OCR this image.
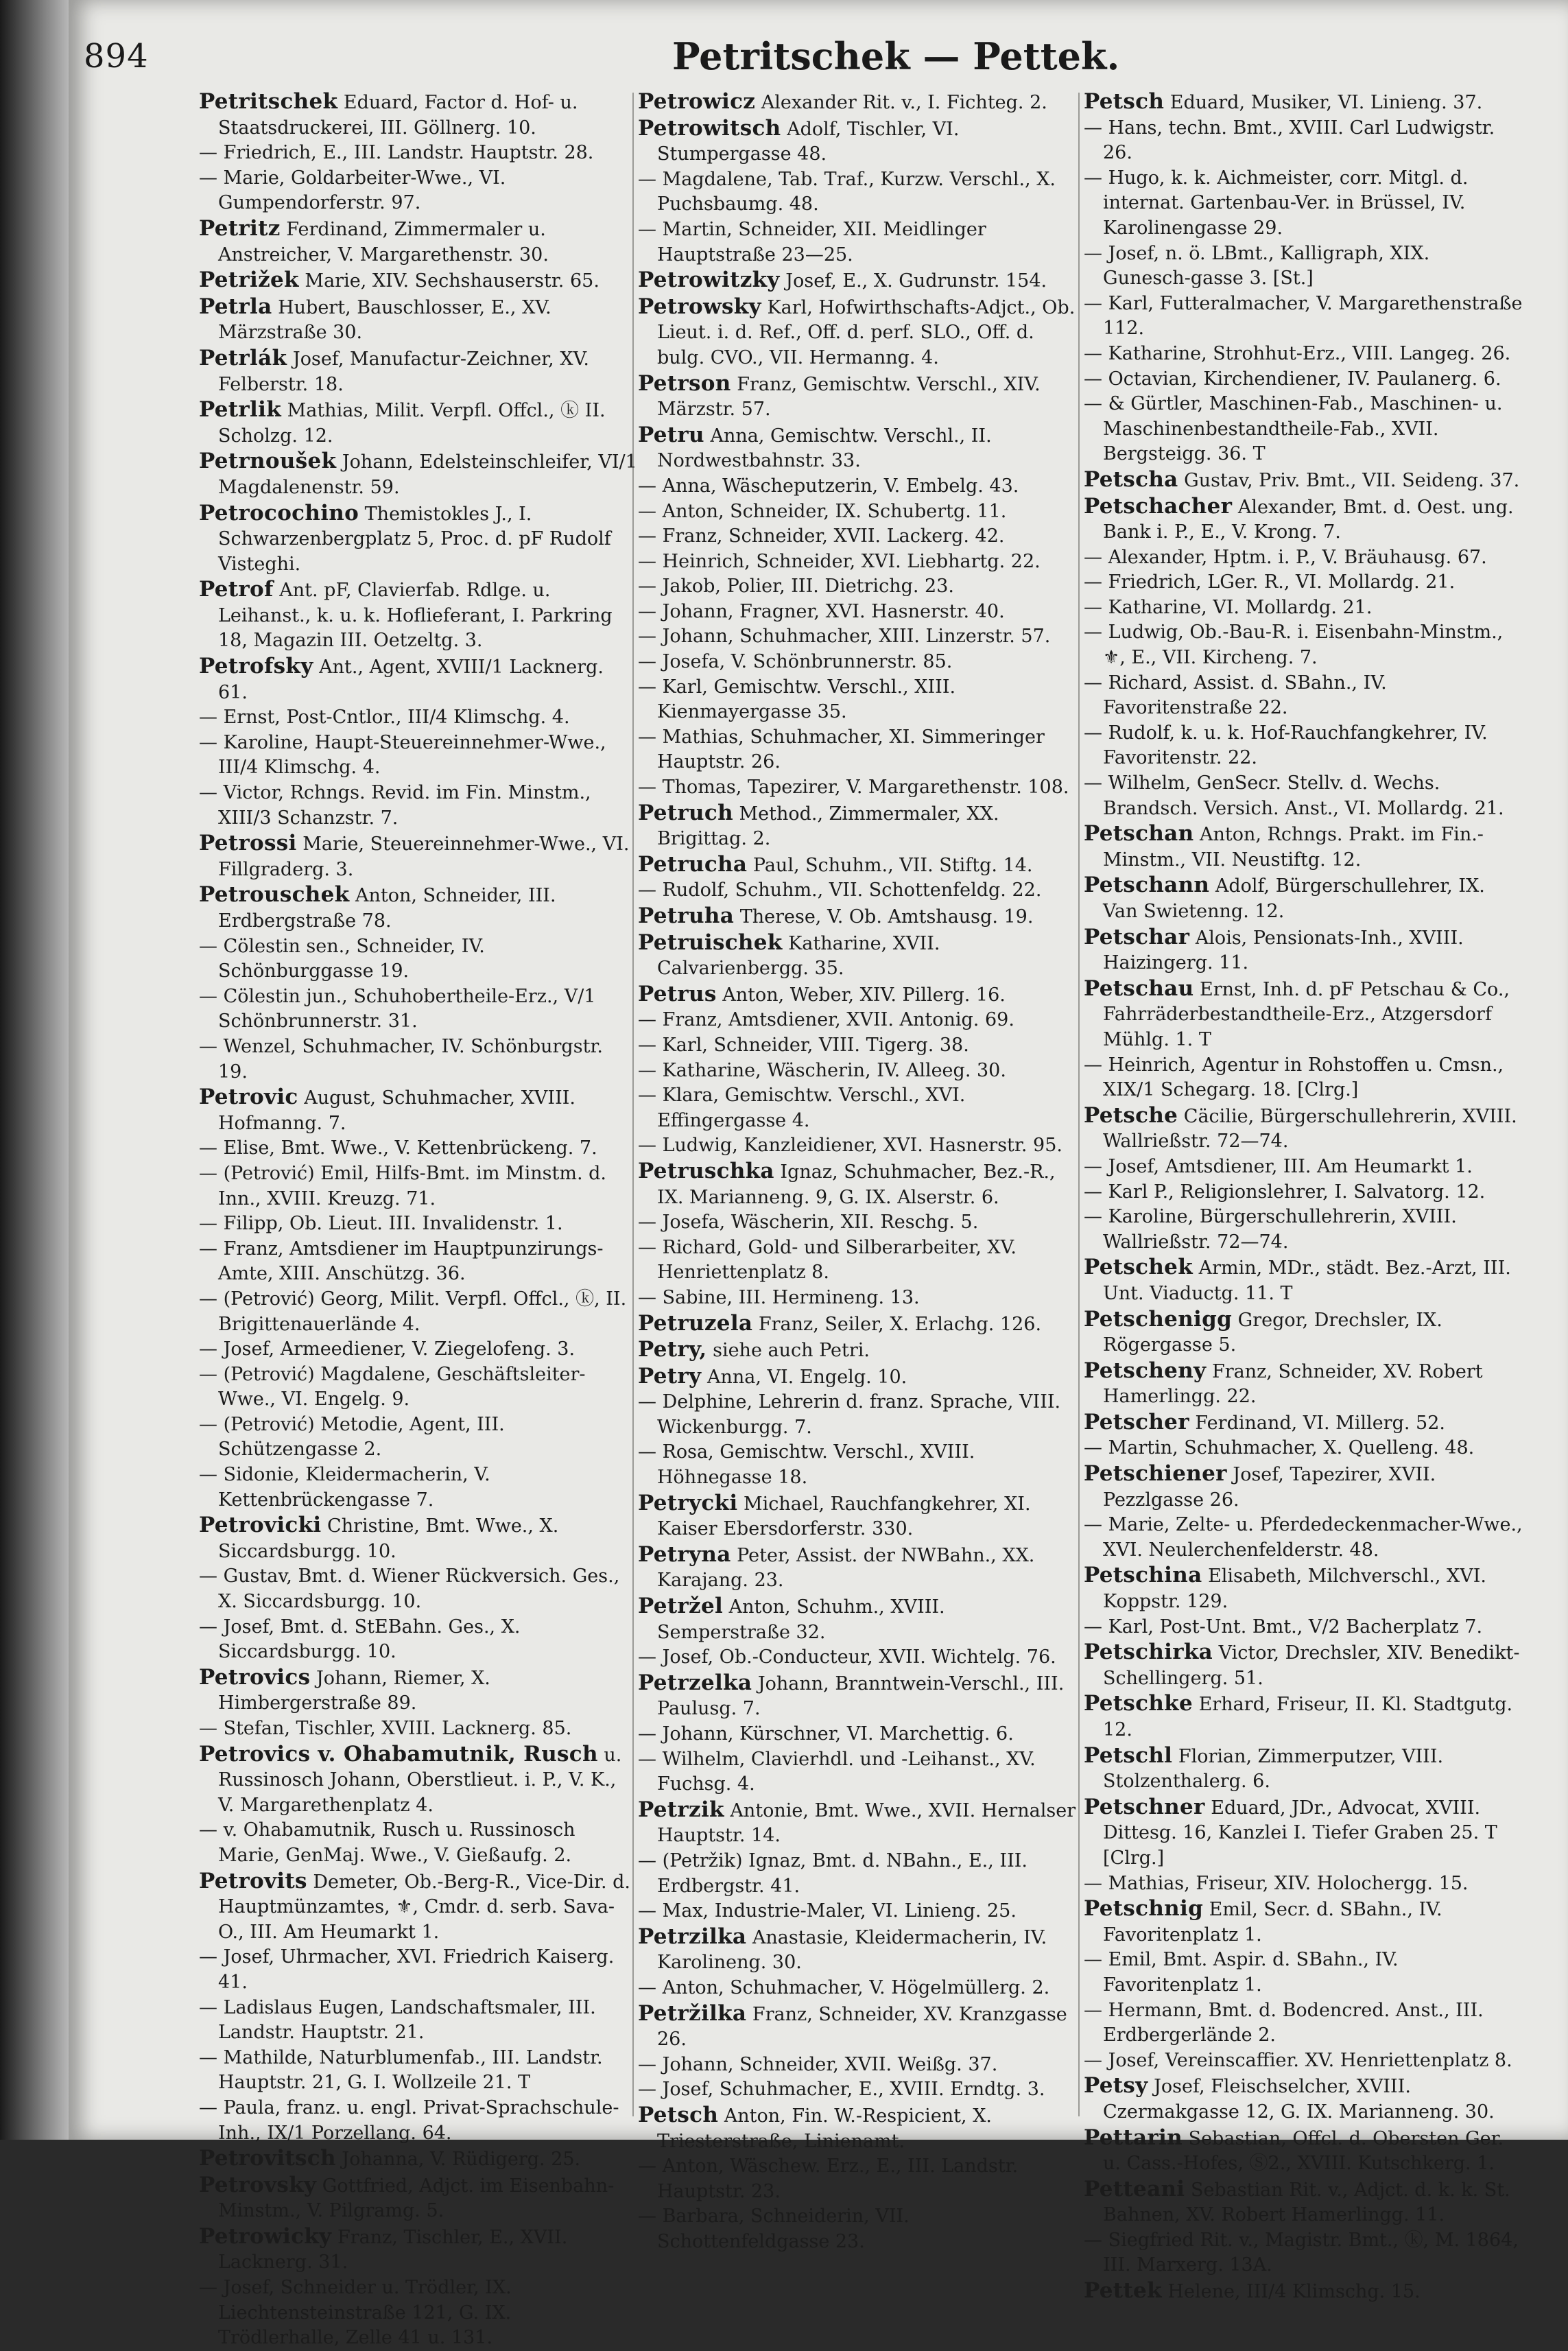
894	Petritschek — Pettek.

Petritschek Eduard, Factor d. Hof- u. Staatsdruckerei, III. Göllnerg. 10.

— Friedrich, E., III. Landstr. Hauptstr. 28.

— Marie, Goldarbeiter-Wwe., VI. Gumpendorferstr. 97.

Petritz Ferdinand, Zimmermaler u. Anstreicher, V. Margarethenstr. 30.

Petrižek Marie, XIV. Sechshauserstr. 65.

Petrla Hubert, Bauschlosser, E., XV. Märzstraße 30.

Petrlák Josef, Manufactur-Zeichner, XV. Felberstr. 18.

Petrlik Mathias, Milit. Verpfl. Offcl., ⓚ II. Scholzg. 12.

Petrnoušek Johann, Edelsteinschleifer, VI/1 Magdalenenstr. 59.

Petrocochino Themistokles J., I. Schwarzenbergplatz 5, Proc. d. pF Rudolf Visteghi.

Petrof Ant. pF, Clavierfab. Rdlge. u. Leihanst., k. u. k. Hoflieferant, I. Parkring 18, Magazin III. Oetzeltg. 3.

Petrofsky Ant., Agent, XVIII/1 Lacknerg. 61.

— Ernst, Post-Cntlor., III/4 Klimschg. 4.

— Karoline, Haupt-Steuereinnehmer-Wwe., III/4 Klimschg. 4.

— Victor, Rchngs. Revid. im Fin. Minstm., XIII/3 Schanzstr. 7.

Petrossi Marie, Steuereinnehmer-Wwe., VI. Fillgraderg. 3.

Petrouschek Anton, Schneider, III. Erdbergstraße 78.

— Cölestin sen., Schneider, IV. Schönburggasse 19.

— Cölestin jun., Schuhobertheile-Erz., V/1 Schönbrunnerstr. 31.

— Wenzel, Schuhmacher, IV. Schönburgstr. 19.

Petrovic August, Schuhmacher, XVIII. Hofmanng. 7.

— Elise, Bmt. Wwe., V. Kettenbrückeng. 7.

— (Petrović) Emil, Hilfs-Bmt. im Minstm. d. Inn., XVIII. Kreuzg. 71.

— Filipp, Ob. Lieut. III. Invalidenstr. 1.

— Franz, Amtsdiener im Hauptpunzirungs-Amte, XIII. Anschützg. 36.

— (Petrović) Georg, Milit. Verpfl. Offcl., ⓚ, II. Brigittenauerlände 4.

— Josef, Armeediener, V. Ziegelofeng. 3.

— (Petrović) Magdalene, Geschäftsleiter-Wwe., VI. Engelg. 9.

— (Petrović) Metodie, Agent, III. Schützengasse 2.

— Sidonie, Kleidermacherin, V. Kettenbrückengasse 7.

Petrovicki Christine, Bmt. Wwe., X. Siccardsburgg. 10.

— Gustav, Bmt. d. Wiener Rückversich. Ges., X. Siccardsburgg. 10.

— Josef, Bmt. d. StEBahn. Ges., X. Siccardsburgg. 10.

Petrovics Johann, Riemer, X. Himbergerstraße 89.

— Stefan, Tischler, XVIII. Lacknerg. 85.

Petrovics v. Ohabamutnik, Rusch u. Russinosch Johann, Oberstlieut. i. P., V. K., V. Margarethenplatz 4.

— v. Ohabamutnik, Rusch u. Russinosch Marie, GenMaj. Wwe., V. Gießaufg. 2.

Petrovits Demeter, Ob.-Berg-R., Vice-Dir. d. Hauptmünzamtes, ⚜, Cmdr. d. serb. Sava-O., III. Am Heumarkt 1.

— Josef, Uhrmacher, XVI. Friedrich Kaiserg. 41.

— Ladislaus Eugen, Landschaftsmaler, III. Landstr. Hauptstr. 21.

— Mathilde, Naturblumenfab., III. Landstr. Hauptstr. 21, G. I. Wollzeile 21. T

— Paula, franz. u. engl. Privat-Sprachschule-Inh., IX/1 Porzellang. 64.

Petrovitsch Johanna, V. Rüdigerg. 25.

Petrovsky Gottfried, Adjct. im Eisenbahn-Minstm., V. Pilgramg. 5.

Petrowicky Franz, Tischler, E., XVII. Lacknerg. 31.

— Josef, Schneider u. Trödler, IX. Liechtensteinstraße 121, G. IX. Trödlerhalle, Zelle 41 u. 131.

Petrowicz Alexander Rit. v., I. Fichteg. 2.

Petrowitsch Adolf, Tischler, VI. Stumpergasse 48.

— Magdalene, Tab. Traf., Kurzw. Verschl., X. Puchsbaumg. 48.

— Martin, Schneider, XII. Meidlinger Hauptstraße 23—25.

Petrowitzky Josef, E., X. Gudrunstr. 154.

Petrowsky Karl, Hofwirthschafts-Adjct., Ob. Lieut. i. d. Ref., Off. d. perf. SLO., Off. d. bulg. CVO., VII. Hermanng. 4.

Petrson Franz, Gemischtw. Verschl., XIV. Märzstr. 57.

Petru Anna, Gemischtw. Verschl., II. Nordwestbahnstr. 33.

— Anna, Wäscheputzerin, V. Embelg. 43.

— Anton, Schneider, IX. Schubertg. 11.

— Franz, Schneider, XVII. Lackerg. 42.

— Heinrich, Schneider, XVI. Liebhartg. 22.

— Jakob, Polier, III. Dietrichg. 23.

— Johann, Fragner, XVI. Hasnerstr. 40.

— Johann, Schuhmacher, XIII. Linzerstr. 57.

— Josefa, V. Schönbrunnerstr. 85.

— Karl, Gemischtw. Verschl., XIII. Kienmayergasse 35.

— Mathias, Schuhmacher, XI. Simmeringer Hauptstr. 26.

— Thomas, Tapezirer, V. Margarethenstr. 108.

Petruch Method., Zimmermaler, XX. Brigittag. 2.

Petrucha Paul, Schuhm., VII. Stiftg. 14.

— Rudolf, Schuhm., VII. Schottenfeldg. 22.

Petruha Therese, V. Ob. Amtshausg. 19.

Petruischek Katharine, XVII. Calvarienbergg. 35.

Petrus Anton, Weber, XIV. Pillerg. 16.

— Franz, Amtsdiener, XVII. Antonig. 69.

— Karl, Schneider, VIII. Tigerg. 38.

— Katharine, Wäscherin, IV. Alleeg. 30.

— Klara, Gemischtw. Verschl., XVI. Effingergasse 4.

— Ludwig, Kanzleidiener, XVI. Hasnerstr. 95.

Petruschka Ignaz, Schuhmacher, Bez.-R., IX. Marianneng. 9, G. IX. Alserstr. 6.

— Josefa, Wäscherin, XII. Reschg. 5.

— Richard, Gold- und Silberarbeiter, XV. Henriettenplatz 8.

— Sabine, III. Hermineng. 13.

Petruzela Franz, Seiler, X. Erlachg. 126.

Petry, siehe auch Petri.

Petry Anna, VI. Engelg. 10.

— Delphine, Lehrerin d. franz. Sprache, VIII. Wickenburgg. 7.

— Rosa, Gemischtw. Verschl., XVIII. Höhnegasse 18.

Petrycki Michael, Rauchfangkehrer, XI. Kaiser Ebersdorferstr. 330.

Petryna Peter, Assist. der NWBahn., XX. Karajang. 23.

Petržel Anton, Schuhm., XVIII. Semperstraße 32.

— Josef, Ob.-Conducteur, XVII. Wichtelg. 76.

Petrzelka Johann, Branntwein-Verschl., III. Paulusg. 7.

— Johann, Kürschner, VI. Marchettig. 6.

— Wilhelm, Clavierhdl. und -Leihanst., XV. Fuchsg. 4.

Petrzik Antonie, Bmt. Wwe., XVII. Hernalser Hauptstr. 14.

— (Petržik) Ignaz, Bmt. d. NBahn., E., III. Erdbergstr. 41.

— Max, Industrie-Maler, VI. Linieng. 25.

Petrzilka Anastasie, Kleidermacherin, IV. Karolineng. 30.

— Anton, Schuhmacher, V. Högelmüllerg. 2.

Petržilka Franz, Schneider, XV. Kranzgasse 26.

— Johann, Schneider, XVII. Weißg. 37.

— Josef, Schuhmacher, E., XVIII. Erndtg. 3.

Petsch Anton, Fin. W.-Respicient, X. Triesterstraße, Linienamt.

— Anton, Wäschew. Erz., E., III. Landstr. Hauptstr. 23.

— Barbara, Schneiderin, VII. Schottenfeldgasse 23.

Petsch Eduard, Musiker, VI. Linieng. 37.

— Hans, techn. Bmt., XVIII. Carl Ludwigstr. 26.

— Hugo, k. k. Aichmeister, corr. Mitgl. d. internat. Gartenbau-Ver. in Brüssel, IV. Karolinengasse 29.

— Josef, n. ö. LBmt., Kalligraph, XIX. Gunesch-gasse 3. [St.]

— Karl, Futteralmacher, V. Margarethenstraße 112.

— Katharine, Strohhut-Erz., VIII. Langeg. 26.

— Octavian, Kirchendiener, IV. Paulanerg. 6.

— & Gürtler, Maschinen-Fab., Maschinen- u. Maschinenbestandtheile-Fab., XVII. Bergsteigg. 36. T

Petscha Gustav, Priv. Bmt., VII. Seideng. 37.

Petschacher Alexander, Bmt. d. Oest. ung. Bank i. P., E., V. Krong. 7.

— Alexander, Hptm. i. P., V. Bräuhausg. 67.

— Friedrich, LGer. R., VI. Mollardg. 21.

— Katharine, VI. Mollardg. 21.

— Ludwig, Ob.-Bau-R. i. Eisenbahn-Minstm., ⚜, E., VII. Kircheng. 7.

— Richard, Assist. d. SBahn., IV. Favoritenstraße 22.

— Rudolf, k. u. k. Hof-Rauchfangkehrer, IV. Favoritenstr. 22.

— Wilhelm, GenSecr. Stellv. d. Wechs. Brandsch. Versich. Anst., VI. Mollardg. 21.

Petschan Anton, Rchngs. Prakt. im Fin.-Minstm., VII. Neustiftg. 12.

Petschann Adolf, Bürgerschullehrer, IX. Van Swietenng. 12.

Petschar Alois, Pensionats-Inh., XVIII. Haizingerg. 11.

Petschau Ernst, Inh. d. pF Petschau & Co., Fahrräderbestandtheile-Erz., Atzgersdorf Mühlg. 1. T

— Heinrich, Agentur in Rohstoffen u. Cmsn., XIX/1 Schegarg. 18. [Clrg.]

Petsche Cäcilie, Bürgerschullehrerin, XVIII. Wallrießstr. 72—74.

— Josef, Amtsdiener, III. Am Heumarkt 1.

— Karl P., Religionslehrer, I. Salvatorg. 12.

— Karoline, Bürgerschullehrerin, XVIII. Wallrießstr. 72—74.

Petschek Armin, MDr., städt. Bez.-Arzt, III. Unt. Viaductg. 11. T

Petschenigg Gregor, Drechsler, IX. Rögergasse 5.

Petscheny Franz, Schneider, XV. Robert Hamerlingg. 22.

Petscher Ferdinand, VI. Millerg. 52.

— Martin, Schuhmacher, X. Quelleng. 48.

Petschiener Josef, Tapezirer, XVII. Pezzlgasse 26.

— Marie, Zelte- u. Pferdedeckenmacher-Wwe., XVI. Neulerchenfelderstr. 48.

Petschina Elisabeth, Milchverschl., XVI. Koppstr. 129.

— Karl, Post-Unt. Bmt., V/2 Bacherplatz 7.

Petschirka Victor, Drechsler, XIV. Benedikt-Schellingerg. 51.

Petschke Erhard, Friseur, II. Kl. Stadtgutg. 12.

Petschl Florian, Zimmerputzer, VIII. Stolzenthalerg. 6.

Petschner Eduard, JDr., Advocat, XVIII. Dittesg. 16, Kanzlei I. Tiefer Graben 25. T [Clrg.]

— Mathias, Friseur, XIV. Holochergg. 15.

Petschnig Emil, Secr. d. SBahn., IV. Favoritenplatz 1.

— Emil, Bmt. Aspir. d. SBahn., IV. Favoritenplatz 1.

— Hermann, Bmt. d. Bodencred. Anst., III. Erdbergerlände 2.

— Josef, Vereinscaffier. XV. Henriettenplatz 8.

Petsy Josef, Fleischselcher, XVIII. Czermakgasse 12, G. IX. Marianneng. 30.

Pettarin Sebastian, Offcl. d. Obersten Ger. u. Cass.-Hofes, Ⓢ2., XVIII. Kutschkerg. 1.

Petteani Sebastian Rit. v., Adjct. d. k. k. St. Bahnen, XV. Robert Hamerlingg. 11.

— Siegfried Rit. v., Magistr. Bmt., ⓚ, M. 1864, III. Marxerg. 13A.

Pettek Helene, III/4 Klimschg. 15.
